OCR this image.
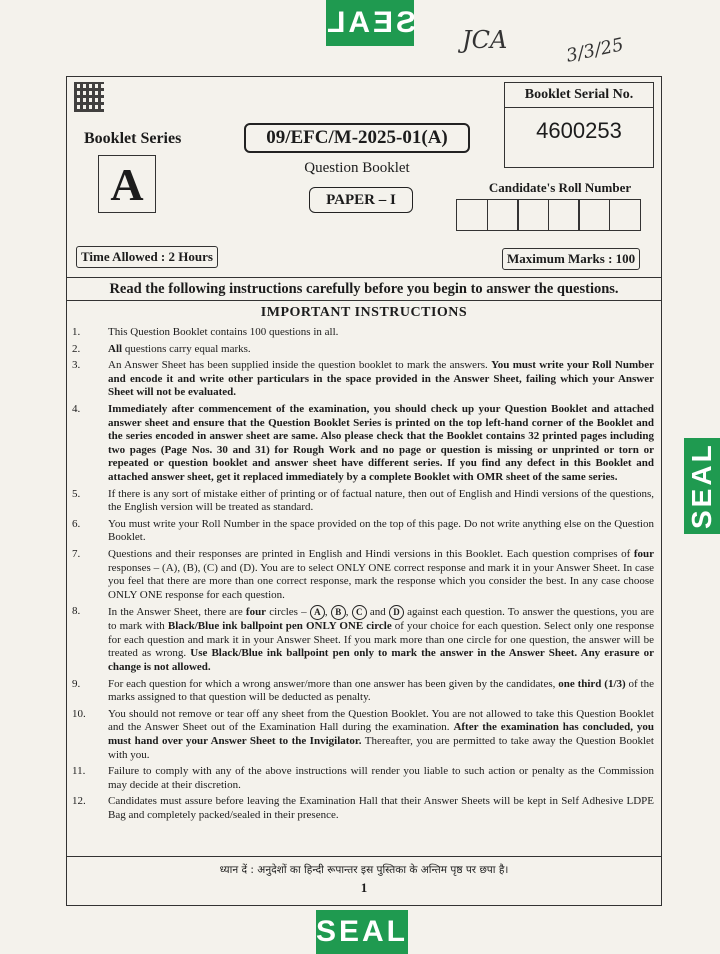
SEAL
SEAL
SEAL
JCA	3/3/25
Booklet Series
A
09/EFC/M-2025-01(A)
Question Booklet
PAPER – I
Booklet Serial No.
4600253
Candidate's Roll Number
Time Allowed : 2 Hours	Maximum Marks : 100
Read the following instructions carefully before you begin to answer the questions.
IMPORTANT INSTRUCTIONS
1.	This Question Booklet contains 100 questions in all.
2.	All questions carry equal marks.
3.	An Answer Sheet has been supplied inside the question booklet to mark the answers. You must write your Roll Number and encode it and write other particulars in the space provided in the Answer Sheet, failing which your Answer Sheet will not be evaluated.
4.	Immediately after commencement of the examination, you should check up your Question Booklet and attached answer sheet and ensure that the Question Booklet Series is printed on the top left-hand corner of the Booklet and the series encoded in answer sheet are same. Also please check that the Booklet contains 32 printed pages including two pages (Page Nos. 30 and 31) for Rough Work and no page or question is missing or unprinted or torn or repeated or question booklet and answer sheet have different series. If you find any defect in this Booklet and attached answer sheet, get it replaced immediately by a complete Booklet with OMR sheet of the same series.
5.	If there is any sort of mistake either of printing or of factual nature, then out of English and Hindi versions of the questions, the English version will be treated as standard.
6.	You must write your Roll Number in the space provided on the top of this page. Do not write anything else on the Question Booklet.
7.	Questions and their responses are printed in English and Hindi versions in this Booklet. Each question comprises of four responses – (A), (B), (C) and (D). You are to select ONLY ONE correct response and mark it in your Answer Sheet. In case you feel that there are more than one correct response, mark the response which you consider the best. In any case choose ONLY ONE response for each question.
8.	In the Answer Sheet, there are four circles – A , B , C and D against each question. To answer the questions, you are to mark with Black/Blue ink ballpoint pen ONLY ONE circle of your choice for each question. Select only one response for each question and mark it in your Answer Sheet. If you mark more than one circle for one question, the answer will be treated as wrong. Use Black/Blue ink ballpoint pen only to mark the answer in the Answer Sheet. Any erasure or change is not allowed.
9.	For each question for which a wrong answer/more than one answer has been given by the candidates, one third (1/3) of the marks assigned to that question will be deducted as penalty.
10.	You should not remove or tear off any sheet from the Question Booklet. You are not allowed to take this Question Booklet and the Answer Sheet out of the Examination Hall during the examination. After the examination has concluded, you must hand over your Answer Sheet to the Invigilator. Thereafter, you are permitted to take away the Question Booklet with you.
11.	Failure to comply with any of the above instructions will render you liable to such action or penalty as the Commission may decide at their discretion.
12.	Candidates must assure before leaving the Examination Hall that their Answer Sheets will be kept in Self Adhesive LDPE Bag and completely packed/sealed in their presence.
ध्यान दें : अनुदेशों का हिन्दी रूपान्तर इस पुस्तिका के अन्तिम पृष्ठ पर छपा है।
1
